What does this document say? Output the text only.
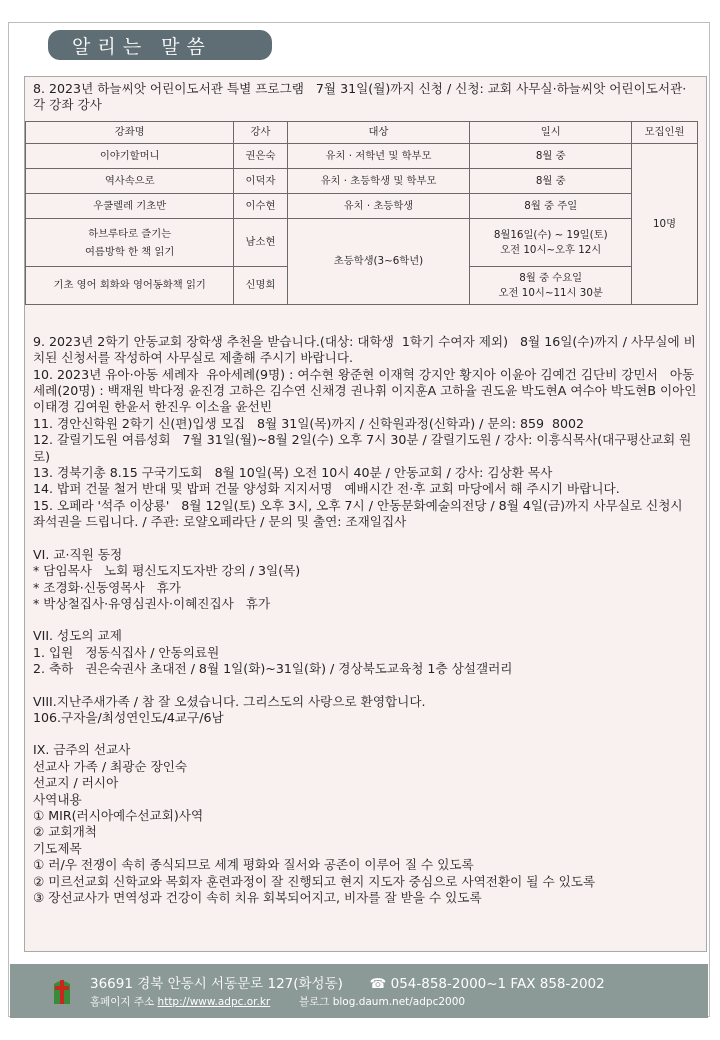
알리는 말씀

8. 2023년 하늘씨앗 어린이도서관 특별 프로그램   7월 31일(월)까지 신청 / 신청: 교회 사무실·하늘씨앗 어린이도서관·각 강좌 강사

강좌명	강사	대상	일시	모집인원
이야기할머니	권은숙	유치 · 저학년 및 학부모	8월 중	10명
역사속으로	이덕자	유치 · 초등학생 및 학부모	8월 중	
우쿨렐레 기초반	이수현	유치 · 초등학생	8월 중 주일	
하브루타로 즐기는
여름방학 한 책 읽기	남소현	초등학생(3~6학년)	8월16일(수) ~ 19일(토)
오전 10시~오후 12시	
기초 영어 회화와 영어동화책 읽기	신명희		8월 중 수요일
오전 10시~11시 30분	

9. 2023년 2학기 안동교회 장학생 추천을 받습니다.(대상: 대학생  1학기 수여자 제외)   8월 16일(수)까지 / 사무실에 비치된 신청서를 작성하여 사무실로 제출해 주시기 바랍니다.

10. 2023년 유아·아동 세례자  유아세례(9명) : 여수현 왕준현 이재혁 강지안 황지아 이윤아 김예건 김단비 강민서   아동세례(20명) : 백재원 박다정 윤진경 고하은 김수연 신채경 권나휘 이지훈A 고하율 권도윤 박도현A 여수아 박도현B 이아인 이태경 김여원 한윤서 한진우 이소율 윤선빈

11. 경안신학원 2학기 신(편)입생 모집   8월 31일(목)까지 / 신학원과정(신학과) / 문의: 859  8002

12. 갈릴기도원 여름성회   7월 31일(월)~8월 2일(수) 오후 7시 30분 / 갈릴기도원 / 강사: 이흥식목사(대구평산교회 원로)

13. 경북기총 8.15 구국기도회   8월 10일(목) 오전 10시 40분 / 안동교회 / 강사: 김상환 목사

14. 밥퍼 건물 철거 반대 및 밥퍼 건물 양성화 지지서명   예배시간 전·후 교회 마당에서 해 주시기 바랍니다.

15. 오페라 '석주 이상룡'   8월 12일(토) 오후 3시, 오후 7시 / 안동문화예술의전당 / 8월 4일(금)까지 사무실로 신청시 좌석권을 드립니다. / 주관: 로얄오페라단 / 문의 및 출연: 조재일집사

VI. 교·직원 동정

* 담임목사   노회 평신도지도자반 강의 / 3일(목)

* 조경화·신동영목사   휴가

* 박상철집사·유영심권사·이혜진집사   휴가

VII. 성도의 교제

1. 입원   정동식집사 / 안동의료원

2. 축하   권은숙권사 초대전 / 8월 1일(화)~31일(화) / 경상북도교육청 1층 상설갤러리

VIII.지난주새가족 / 참 잘 오셨습니다. 그리스도의 사랑으로 환영합니다.

106.구자을/최성연인도/4교구/6남

IX. 금주의 선교사

선교사 가족 / 최광순 장인숙

선교지 / 러시아

사역내용

① MIR(러시아예수선교회)사역

② 교회개척

기도제목

① 러/우 전쟁이 속히 종식되므로 세계 평화와 질서와 공존이 이루어 질 수 있도록

② 미르선교회 신학교와 목회자 훈련과정이 잘 진행되고 현지 지도자 중심으로 사역전환이 될 수 있도록

③ 장선교사가 면역성과 건강이 속히 치유 회복되어지고, 비자를 잘 받을 수 있도록

36691 경북 안동시 서동문로 127(화성동) ☎ 054-858-2000~1 FAX 858-2002
홈페이지 주소 http://www.adpc.or.kr	블로그 blog.daum.net/adpc2000
